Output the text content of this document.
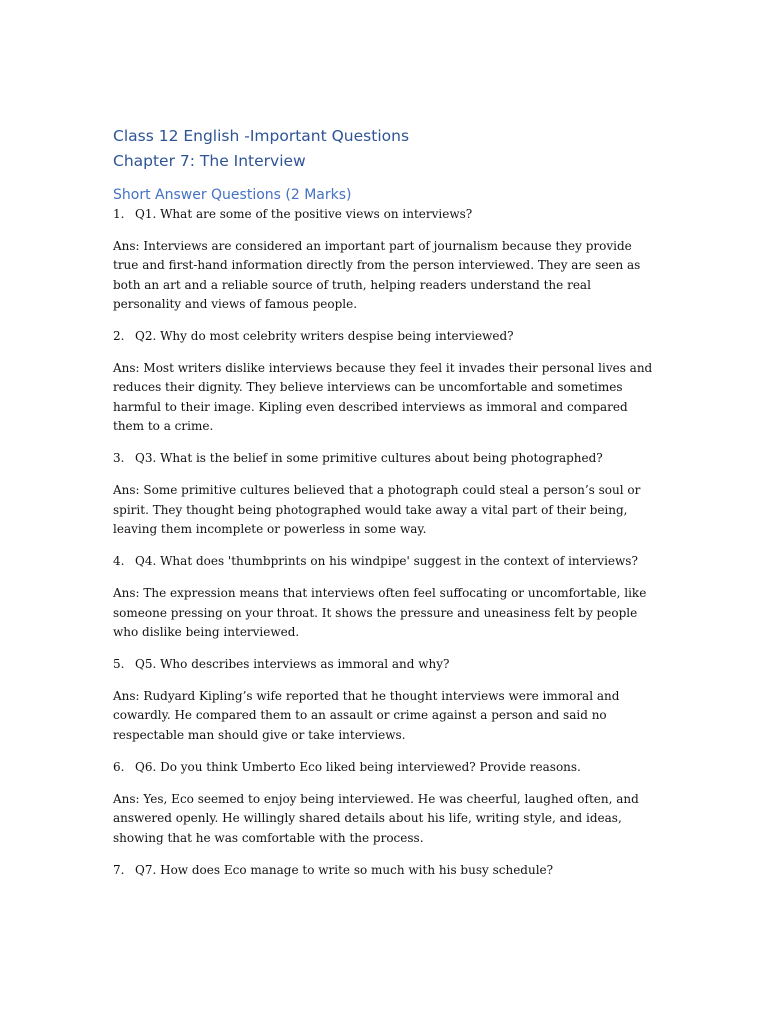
Class 12 English -Important Questions
Chapter 7: The Interview
Short Answer Questions (2 Marks)
1. Q1. What are some of the positive views on interviews?

Ans: Interviews are considered an important part of journalism because they provide true and first-hand information directly from the person interviewed. They are seen as both an art and a reliable source of truth, helping readers understand the real personality and views of famous people.

2. Q2. Why do most celebrity writers despise being interviewed?

Ans: Most writers dislike interviews because they feel it invades their personal lives and reduces their dignity. They believe interviews can be uncomfortable and sometimes harmful to their image. Kipling even described interviews as immoral and compared them to a crime.

3. Q3. What is the belief in some primitive cultures about being photographed?

Ans: Some primitive cultures believed that a photograph could steal a person’s soul or spirit. They thought being photographed would take away a vital part of their being, leaving them incomplete or powerless in some way.

4. Q4. What does 'thumbprints on his windpipe' suggest in the context of interviews?

Ans: The expression means that interviews often feel suffocating or uncomfortable, like someone pressing on your throat. It shows the pressure and uneasiness felt by people who dislike being interviewed.

5. Q5. Who describes interviews as immoral and why?

Ans: Rudyard Kipling’s wife reported that he thought interviews were immoral and cowardly. He compared them to an assault or crime against a person and said no respectable man should give or take interviews.

6. Q6. Do you think Umberto Eco liked being interviewed? Provide reasons.

Ans: Yes, Eco seemed to enjoy being interviewed. He was cheerful, laughed often, and answered openly. He willingly shared details about his life, writing style, and ideas, showing that he was comfortable with the process.

7. Q7. How does Eco manage to write so much with his busy schedule?
